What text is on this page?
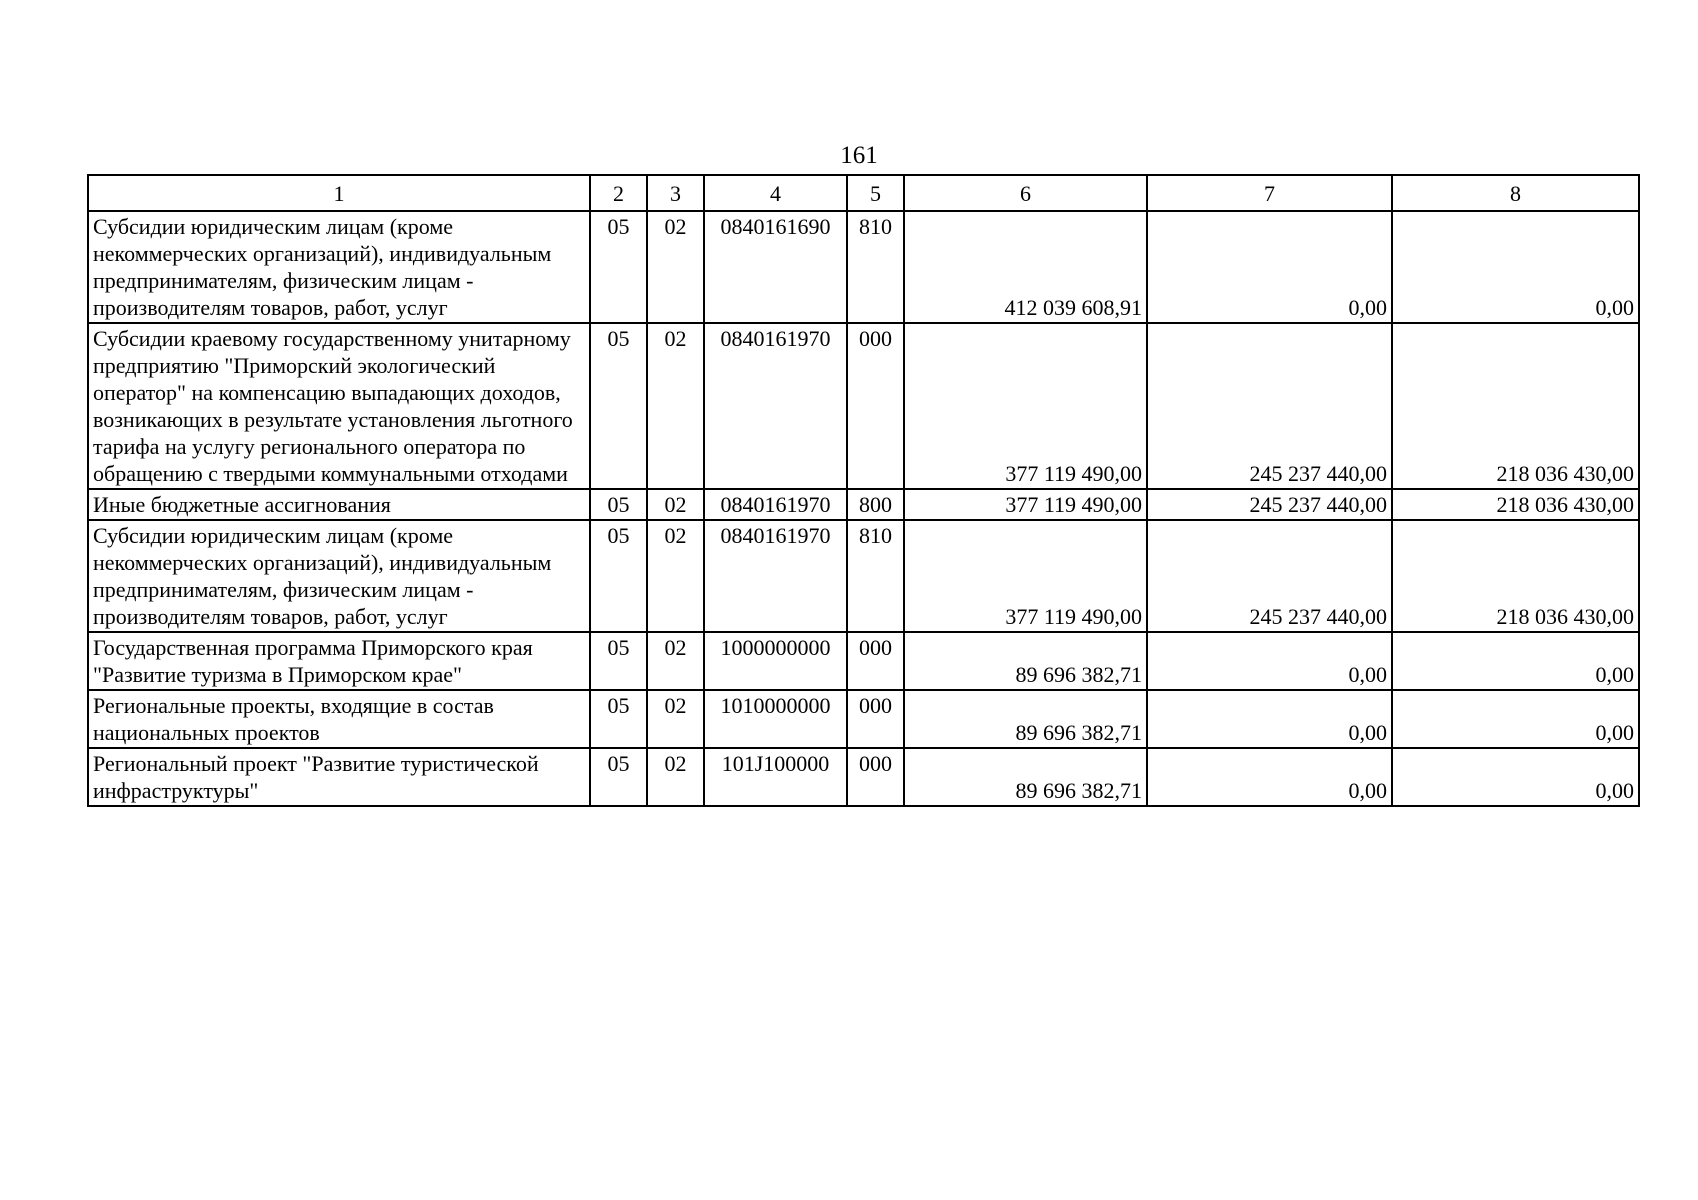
161
1	2	3	4	5	6	7	8
Субсидии юридическим лицам (кроме некоммерческих организаций), индивидуальным предпринимателям, физическим лицам - производителям товаров, работ, услуг	05	02	0840161690	810	412 039 608,91	0,00	0,00
Субсидии краевому государственному унитарному предприятию "Приморский экологический оператор" на компенсацию выпадающих доходов, возникающих в результате установления льготного тарифа на услугу регионального оператора по обращению с твердыми коммунальными отходами	05	02	0840161970	000	377 119 490,00	245 237 440,00	218 036 430,00
Иные бюджетные ассигнования	05	02	0840161970	800	377 119 490,00	245 237 440,00	218 036 430,00
Субсидии юридическим лицам (кроме некоммерческих организаций), индивидуальным предпринимателям, физическим лицам - производителям товаров, работ, услуг	05	02	0840161970	810	377 119 490,00	245 237 440,00	218 036 430,00
Государственная программа Приморского края "Развитие туризма в Приморском крае"	05	02	1000000000	000	89 696 382,71	0,00	0,00
Региональные проекты, входящие в состав национальных проектов	05	02	1010000000	000	89 696 382,71	0,00	0,00
Региональный проект "Развитие туристической инфраструктуры"	05	02	101J100000	000	89 696 382,71	0,00	0,00
